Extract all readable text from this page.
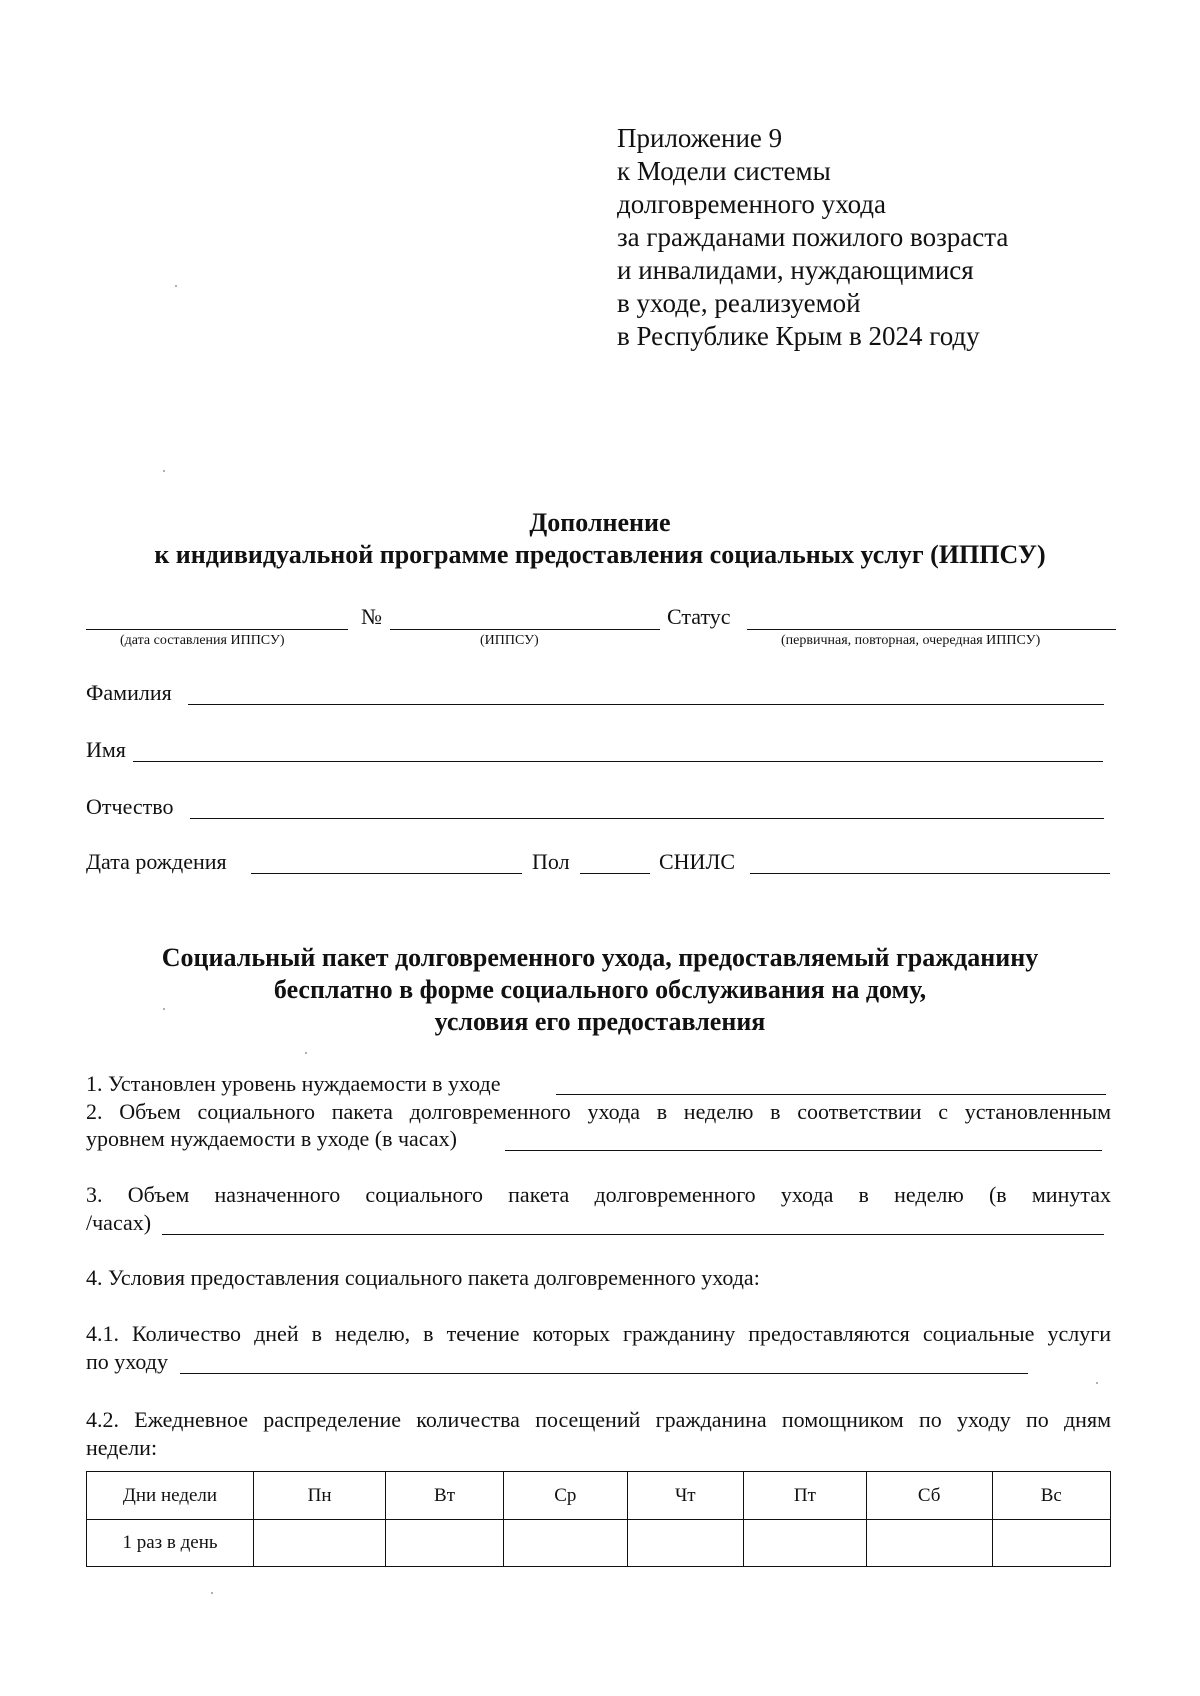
Приложение 9
к Модели системы
долговременного ухода
за гражданами пожилого возраста
и инвалидами, нуждающимися
в уходе, реализуемой
в Республике Крым в 2024 году
Дополнение
к индивидуальной программе предоставления социальных услуг (ИППСУ)
№	Статус
(дата составления ИППСУ)	(ИППСУ)	(первичная, повторная, очередная ИППСУ)
Фамилия
Имя
Отчество
Дата рождения	Пол	СНИЛС
Социальный пакет долговременного ухода, предоставляемый гражданину
бесплатно в форме социального обслуживания на дому,
условия его предоставления
1. Установлен уровень нуждаемости в уходе
2. Объем социального пакета долговременного ухода в неделю в соответствии с установленным
уровнем нуждаемости в уходе (в часах)
3. Объем назначенного социального пакета долговременного ухода в неделю (в минутах
/часах)
4. Условия предоставления социального пакета долговременного ухода:
4.1. Количество дней в неделю, в течение которых гражданину предоставляются социальные услуги
по уходу
4.2. Ежедневное распределение количества посещений гражданина помощником по уходу по дням
недели:
Дни недели	Пн	Вт	Ср	Чт	Пт	Сб	Вс
1 раз в день							
